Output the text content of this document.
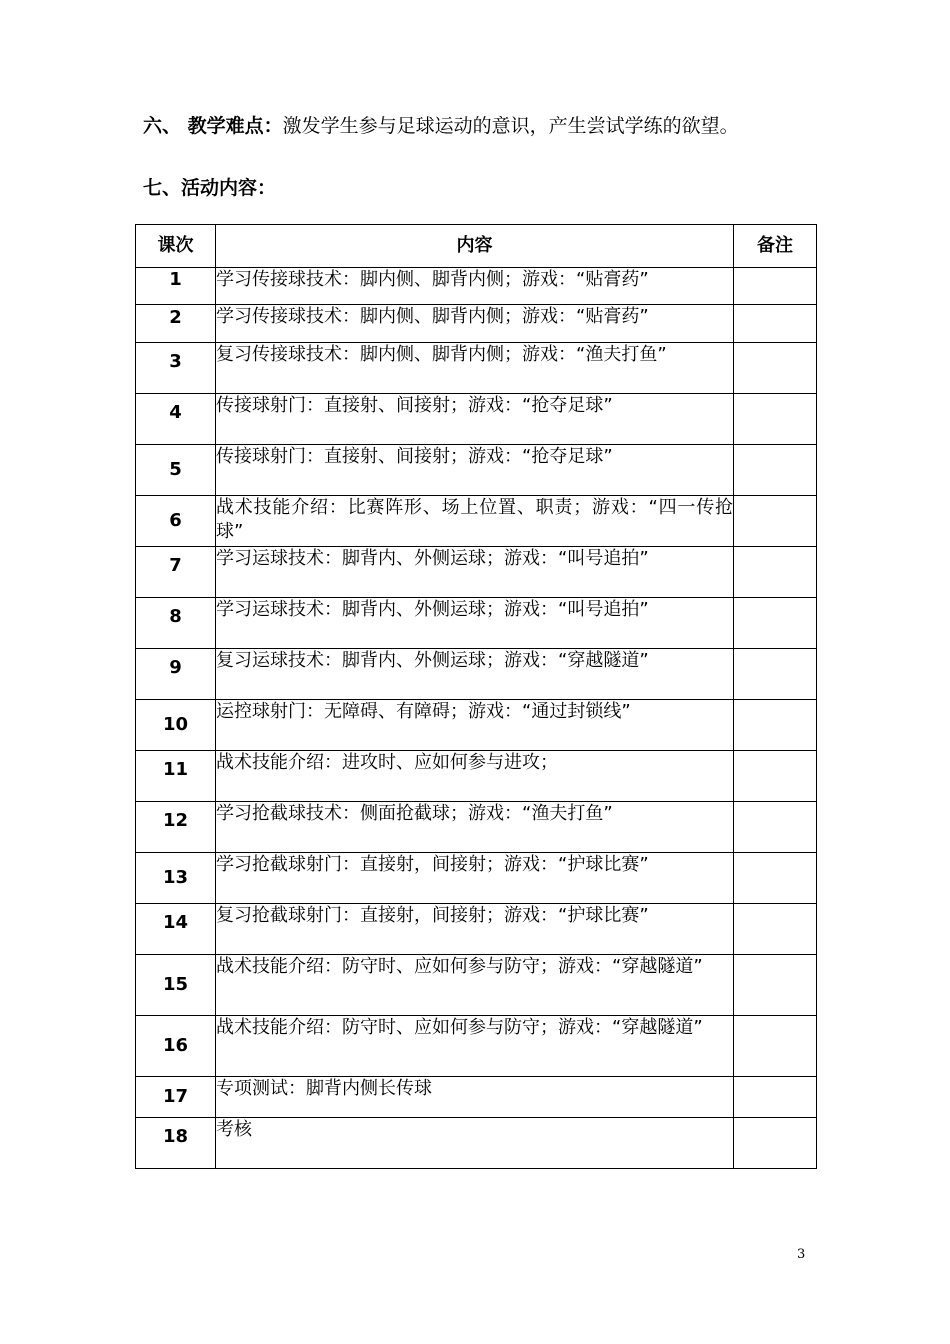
六、 教学难点：激发学生参与足球运动的意识，产生尝试学练的欲望。
七、活动内容：
课次	内容	备注
1	学习传接球技术：脚内侧、脚背内侧；游戏：“贴膏药”	
2	学习传接球技术：脚内侧、脚背内侧；游戏：“贴膏药”	
3	复习传接球技术：脚内侧、脚背内侧；游戏：“渔夫打鱼”	
4	传接球射门：直接射、间接射；游戏：“抢夺足球”	
5	传接球射门：直接射、间接射；游戏：“抢夺足球”	
6	战术技能介绍：比赛阵形、场上位置、职责；游戏：“四一传抢球”	
7	学习运球技术：脚背内、外侧运球；游戏：“叫号追拍”	
8	学习运球技术：脚背内、外侧运球；游戏：“叫号追拍”	
9	复习运球技术：脚背内、外侧运球；游戏：“穿越隧道”	
10	运控球射门：无障碍、有障碍；游戏：“通过封锁线”	
11	战术技能介绍：进攻时、应如何参与进攻；	
12	学习抢截球技术：侧面抢截球；游戏：“渔夫打鱼”	
13	学习抢截球射门：直接射，间接射；游戏：“护球比赛”	
14	复习抢截球射门：直接射，间接射；游戏：“护球比赛”	
15	战术技能介绍：防守时、应如何参与防守；游戏：“穿越隧道”	
16	战术技能介绍：防守时、应如何参与防守；游戏：“穿越隧道”	
17	专项测试：脚背内侧长传球	
18	考核	
3
